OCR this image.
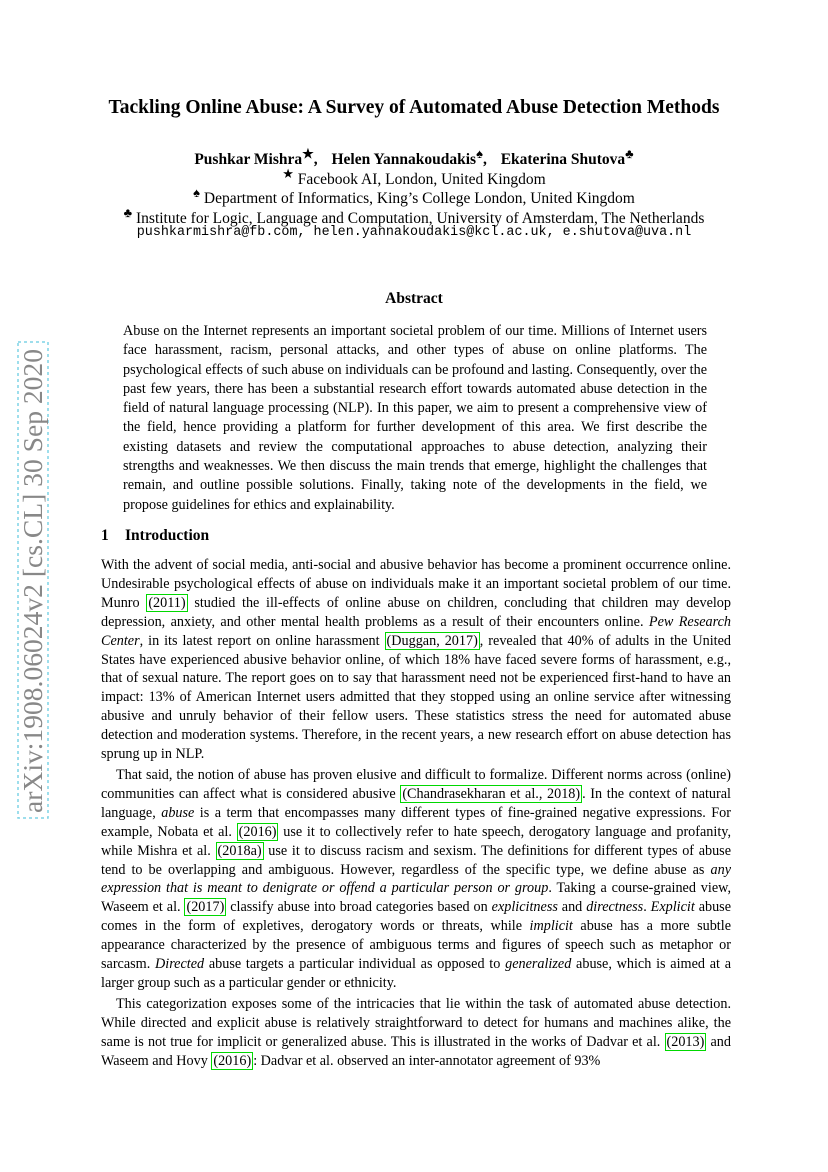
arXiv:1908.06024v2 [cs.CL] 30 Sep 2020
Tackling Online Abuse: A Survey of Automated Abuse Detection Methods
Pushkar Mishra★, Helen Yannakoudakis♠, Ekaterina Shutova♣
★ Facebook AI, London, United Kingdom
♠ Department of Informatics, King’s College London, United Kingdom
♣ Institute for Logic, Language and Computation, University of Amsterdam, The Netherlands
pushkarmishra@fb.com, helen.yannakoudakis@kcl.ac.uk, e.shutova@uva.nl
Abstract
Abuse on the Internet represents an important societal problem of our time. Millions of Internet users face harassment, racism, personal attacks, and other types of abuse on online platforms. The psychological effects of such abuse on individuals can be profound and lasting. Consequently, over the past few years, there has been a substantial research effort towards automated abuse detection in the field of natural language processing (NLP). In this paper, we aim to present a comprehensive view of the field, hence providing a platform for further development of this area. We first describe the existing datasets and review the computational approaches to abuse detection, analyzing their strengths and weaknesses. We then discuss the main trends that emerge, highlight the challenges that remain, and outline possible solutions. Finally, taking note of the developments in the field, we propose guidelines for ethics and explainability.
1 Introduction

With the advent of social media, anti-social and abusive behavior has become a prominent occurrence online. Undesirable psychological effects of abuse on individuals make it an important societal problem of our time. Munro (2011) studied the ill-effects of online abuse on children, concluding that children may develop depression, anxiety, and other mental health problems as a result of their encounters online. Pew Research Center, in its latest report on online harassment (Duggan, 2017) , revealed that 40% of adults in the United States have experienced abusive behavior online, of which 18% have faced severe forms of harassment, e.g., that of sexual nature. The report goes on to say that harassment need not be experienced first-hand to have an impact: 13% of American Internet users admitted that they stopped using an online service after witnessing abusive and unruly behavior of their fellow users. These statistics stress the need for automated abuse detection and moderation systems. Therefore, in the recent years, a new research effort on abuse detection has sprung up in NLP.

That said, the notion of abuse has proven elusive and difficult to formalize. Different norms across (online) communities can affect what is considered abusive (Chandrasekharan et al., 2018) . In the context of natural language, abuse is a term that encompasses many different types of fine-grained negative expressions. For example, Nobata et al. (2016) use it to collectively refer to hate speech, derogatory language and profanity, while Mishra et al. (2018a) use it to discuss racism and sexism. The definitions for different types of abuse tend to be overlapping and ambiguous. However, regardless of the specific type, we define abuse as any expression that is meant to denigrate or offend a particular person or group. Taking a course-grained view, Waseem et al. (2017) classify abuse into broad categories based on explicitness and directness. Explicit abuse comes in the form of expletives, derogatory words or threats, while implicit abuse has a more subtle appearance characterized by the presence of ambiguous terms and figures of speech such as metaphor or sarcasm. Directed abuse targets a particular individual as opposed to generalized abuse, which is aimed at a larger group such as a particular gender or ethnicity.

This categorization exposes some of the intricacies that lie within the task of automated abuse detection. While directed and explicit abuse is relatively straightforward to detect for humans and machines alike, the same is not true for implicit or generalized abuse. This is illustrated in the works of Dadvar et al. (2013) and Waseem and Hovy (2016) : Dadvar et al. observed an inter-annotator agreement of 93%
